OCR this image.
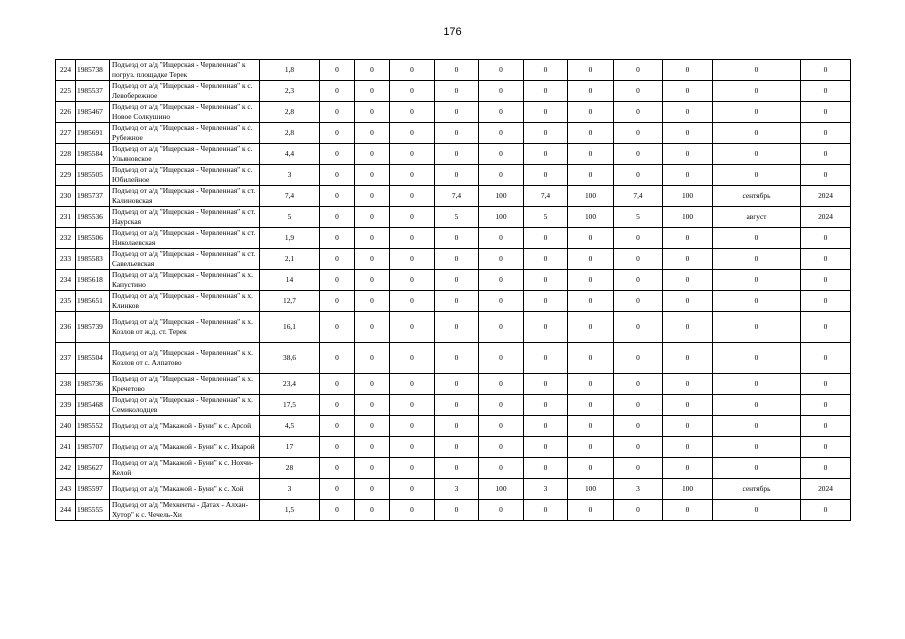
176
224	1985738	Подъезд от а/д "Ищерская - Червленная" к погруз. площадке Терек	1,8	0	0	0	0	0	0	0	0	0	0	0
225	1985537	Подъезд от а/д "Ищерская - Червленная" к с. Левобережное	2,3	0	0	0	0	0	0	0	0	0	0	0
226	1985467	Подъезд от а/д "Ищерская - Червленная" к с. Новое Солкушино	2,8	0	0	0	0	0	0	0	0	0	0	0
227	1985691	Подъезд от а/д "Ищерская - Червленная" к с. Рубежное	2,8	0	0	0	0	0	0	0	0	0	0	0
228	1985584	Подъезд от а/д "Ищерская - Червленная" к с. Ульяновское	4,4	0	0	0	0	0	0	0	0	0	0	0
229	1985505	Подъезд от а/д "Ищерская - Червленная" к с. Юбилейное	3	0	0	0	0	0	0	0	0	0	0	0
230	1985737	Подъезд от а/д "Ищерская - Червленная" к ст. Калиновская	7,4	0	0	0	7,4	100	7,4	100	7,4	100	сентябрь	2024
231	1985536	Подъезд от а/д "Ищерская - Червленная" к ст. Наурская	5	0	0	0	5	100	5	100	5	100	август	2024
232	1985506	Подъезд от а/д "Ищерская - Червленная" к ст. Николаевская	1,9	0	0	0	0	0	0	0	0	0	0	0
233	1985583	Подъезд от а/д "Ищерская - Червленная" к ст. Савельевская	2,1	0	0	0	0	0	0	0	0	0	0	0
234	1985618	Подъезд от а/д "Ищерская - Червленная" к х. Капустино	14	0	0	0	0	0	0	0	0	0	0	0
235	1985651	Подъезд от а/д "Ищерская - Червленная" к х. Клинков	12,7	0	0	0	0	0	0	0	0	0	0	0
236	1985739	Подъезд от а/д "Ищерская - Червленная" к х. Козлов от ж.д. ст. Терек	16,1	0	0	0	0	0	0	0	0	0	0	0
237	1985504	Подъезд от а/д "Ищерская - Червленная" к х. Козлов от с. Алпатово	38,6	0	0	0	0	0	0	0	0	0	0	0
238	1985736	Подъезд от а/д "Ищерская - Червленная" к х. Кречетово	23,4	0	0	0	0	0	0	0	0	0	0	0
239	1985468	Подъезд от а/д "Ищерская - Червленная" к х. Семиколодцев	17,5	0	0	0	0	0	0	0	0	0	0	0
240	1985552	Подъезд от а/д "Макажой - Буни" к с. Арсой	4,5	0	0	0	0	0	0	0	0	0	0	0
241	1985707	Подъезд от а/д "Макажой - Буни" к с. Ихарой	17	0	0	0	0	0	0	0	0	0	0	0
242	1985627	Подъезд от а/д "Макажой - Буни" к с. Нохчи-Келой	28	0	0	0	0	0	0	0	0	0	0	0
243	1985597	Подъезд от а/д "Макажой - Буни" к с. Хой	3	0	0	0	3	100	3	100	3	100	сентябрь	2024
244	1985555	Подъезд от а/д "Мехкенты - Датах - Алхан-Хутор" к с. Чечель-Хи	1,5	0	0	0	0	0	0	0	0	0	0	0
